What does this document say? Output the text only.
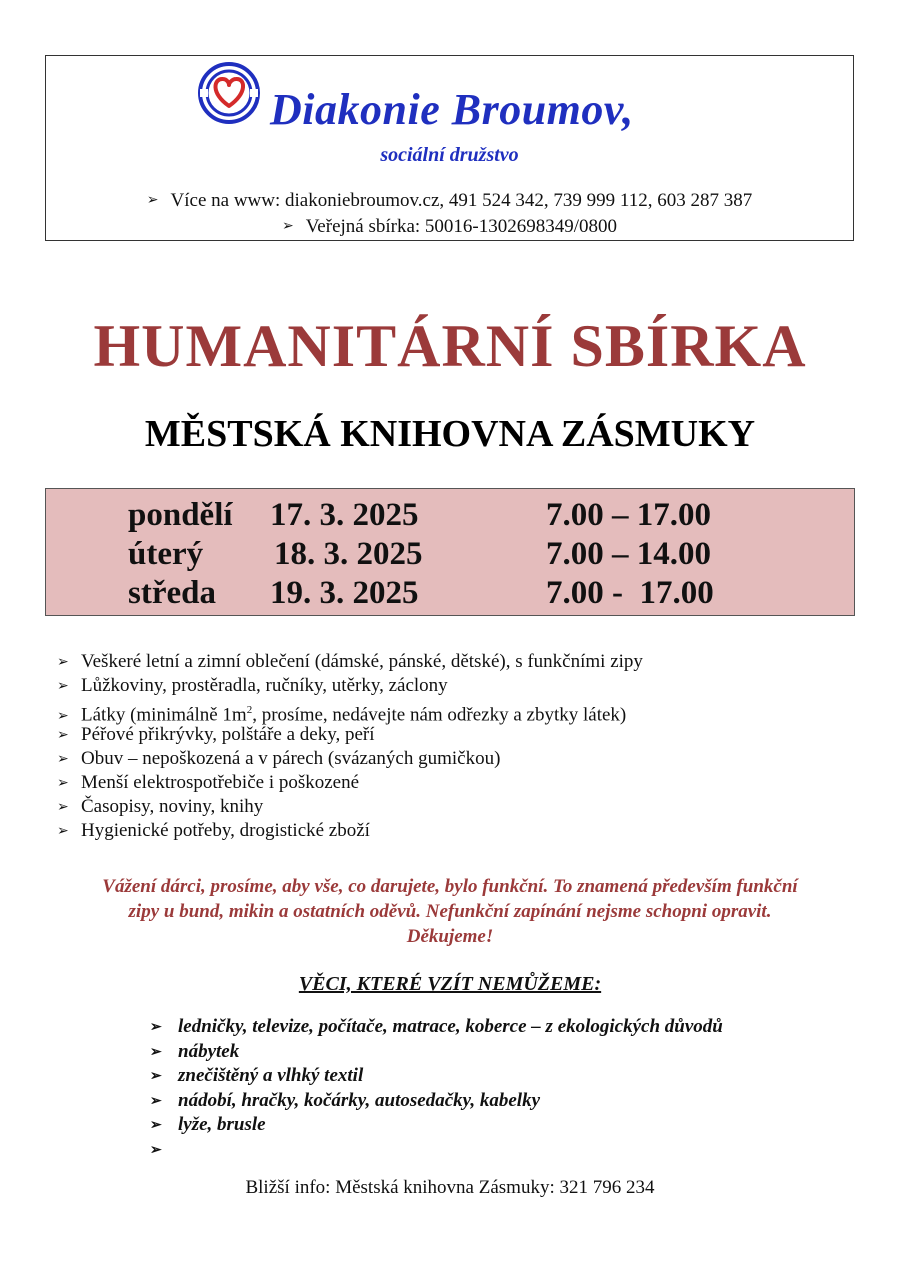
Diakonie Broumov,
sociální družstvo
➢ Více na www: diakoniebroumov.cz, 491 524 342, 739 999 112, 603 287 387
➢ Veřejná sbírka: 50016-1302698349/0800
HUMANITÁRNÍ SBÍRKA
MĚSTSKÁ KNIHOVNA ZÁSMUKY
pondělí 17. 3. 2025	7.00 – 17.00
úterý 18. 3. 2025	7.00 – 14.00
středa 19. 3. 2025	7.00 -  17.00
➢ Veškeré letní a zimní oblečení (dámské, pánské, dětské), s funkčními zipy
➢ Lůžkoviny, prostěradla, ručníky, utěrky, záclony
➢ Látky (minimálně $1m^2$, prosíme, nedávejte nám odřezky a zbytky látek)
➢ Péřové přikrývky, polštáře a deky, peří
➢ Obuv – nepoškozená a v párech (svázaných gumičkou)
➢ Menší elektrospotřebiče i poškozené
➢ Časopisy, noviny, knihy
➢ Hygienické potřeby, drogistické zboží
Vážení dárci, prosíme, aby vše, co darujete, bylo funkční. To znamená především funkční
zipy u bund, mikin a ostatních oděvů. Nefunkční zapínání nejsme schopni opravit.
Děkujeme!
VĚCI, KTERÉ VZÍT NEMŮŽEME:
➢ ledničky, televize, počítače, matrace, koberce – z ekologických důvodů
➢ nábytek
➢ znečištěný a vlhký textil
➢ nádobí, hračky, kočárky, autosedačky, kabelky
➢ lyže, brusle
➢
Bližší info: Městská knihovna Zásmuky: 321 796 234
